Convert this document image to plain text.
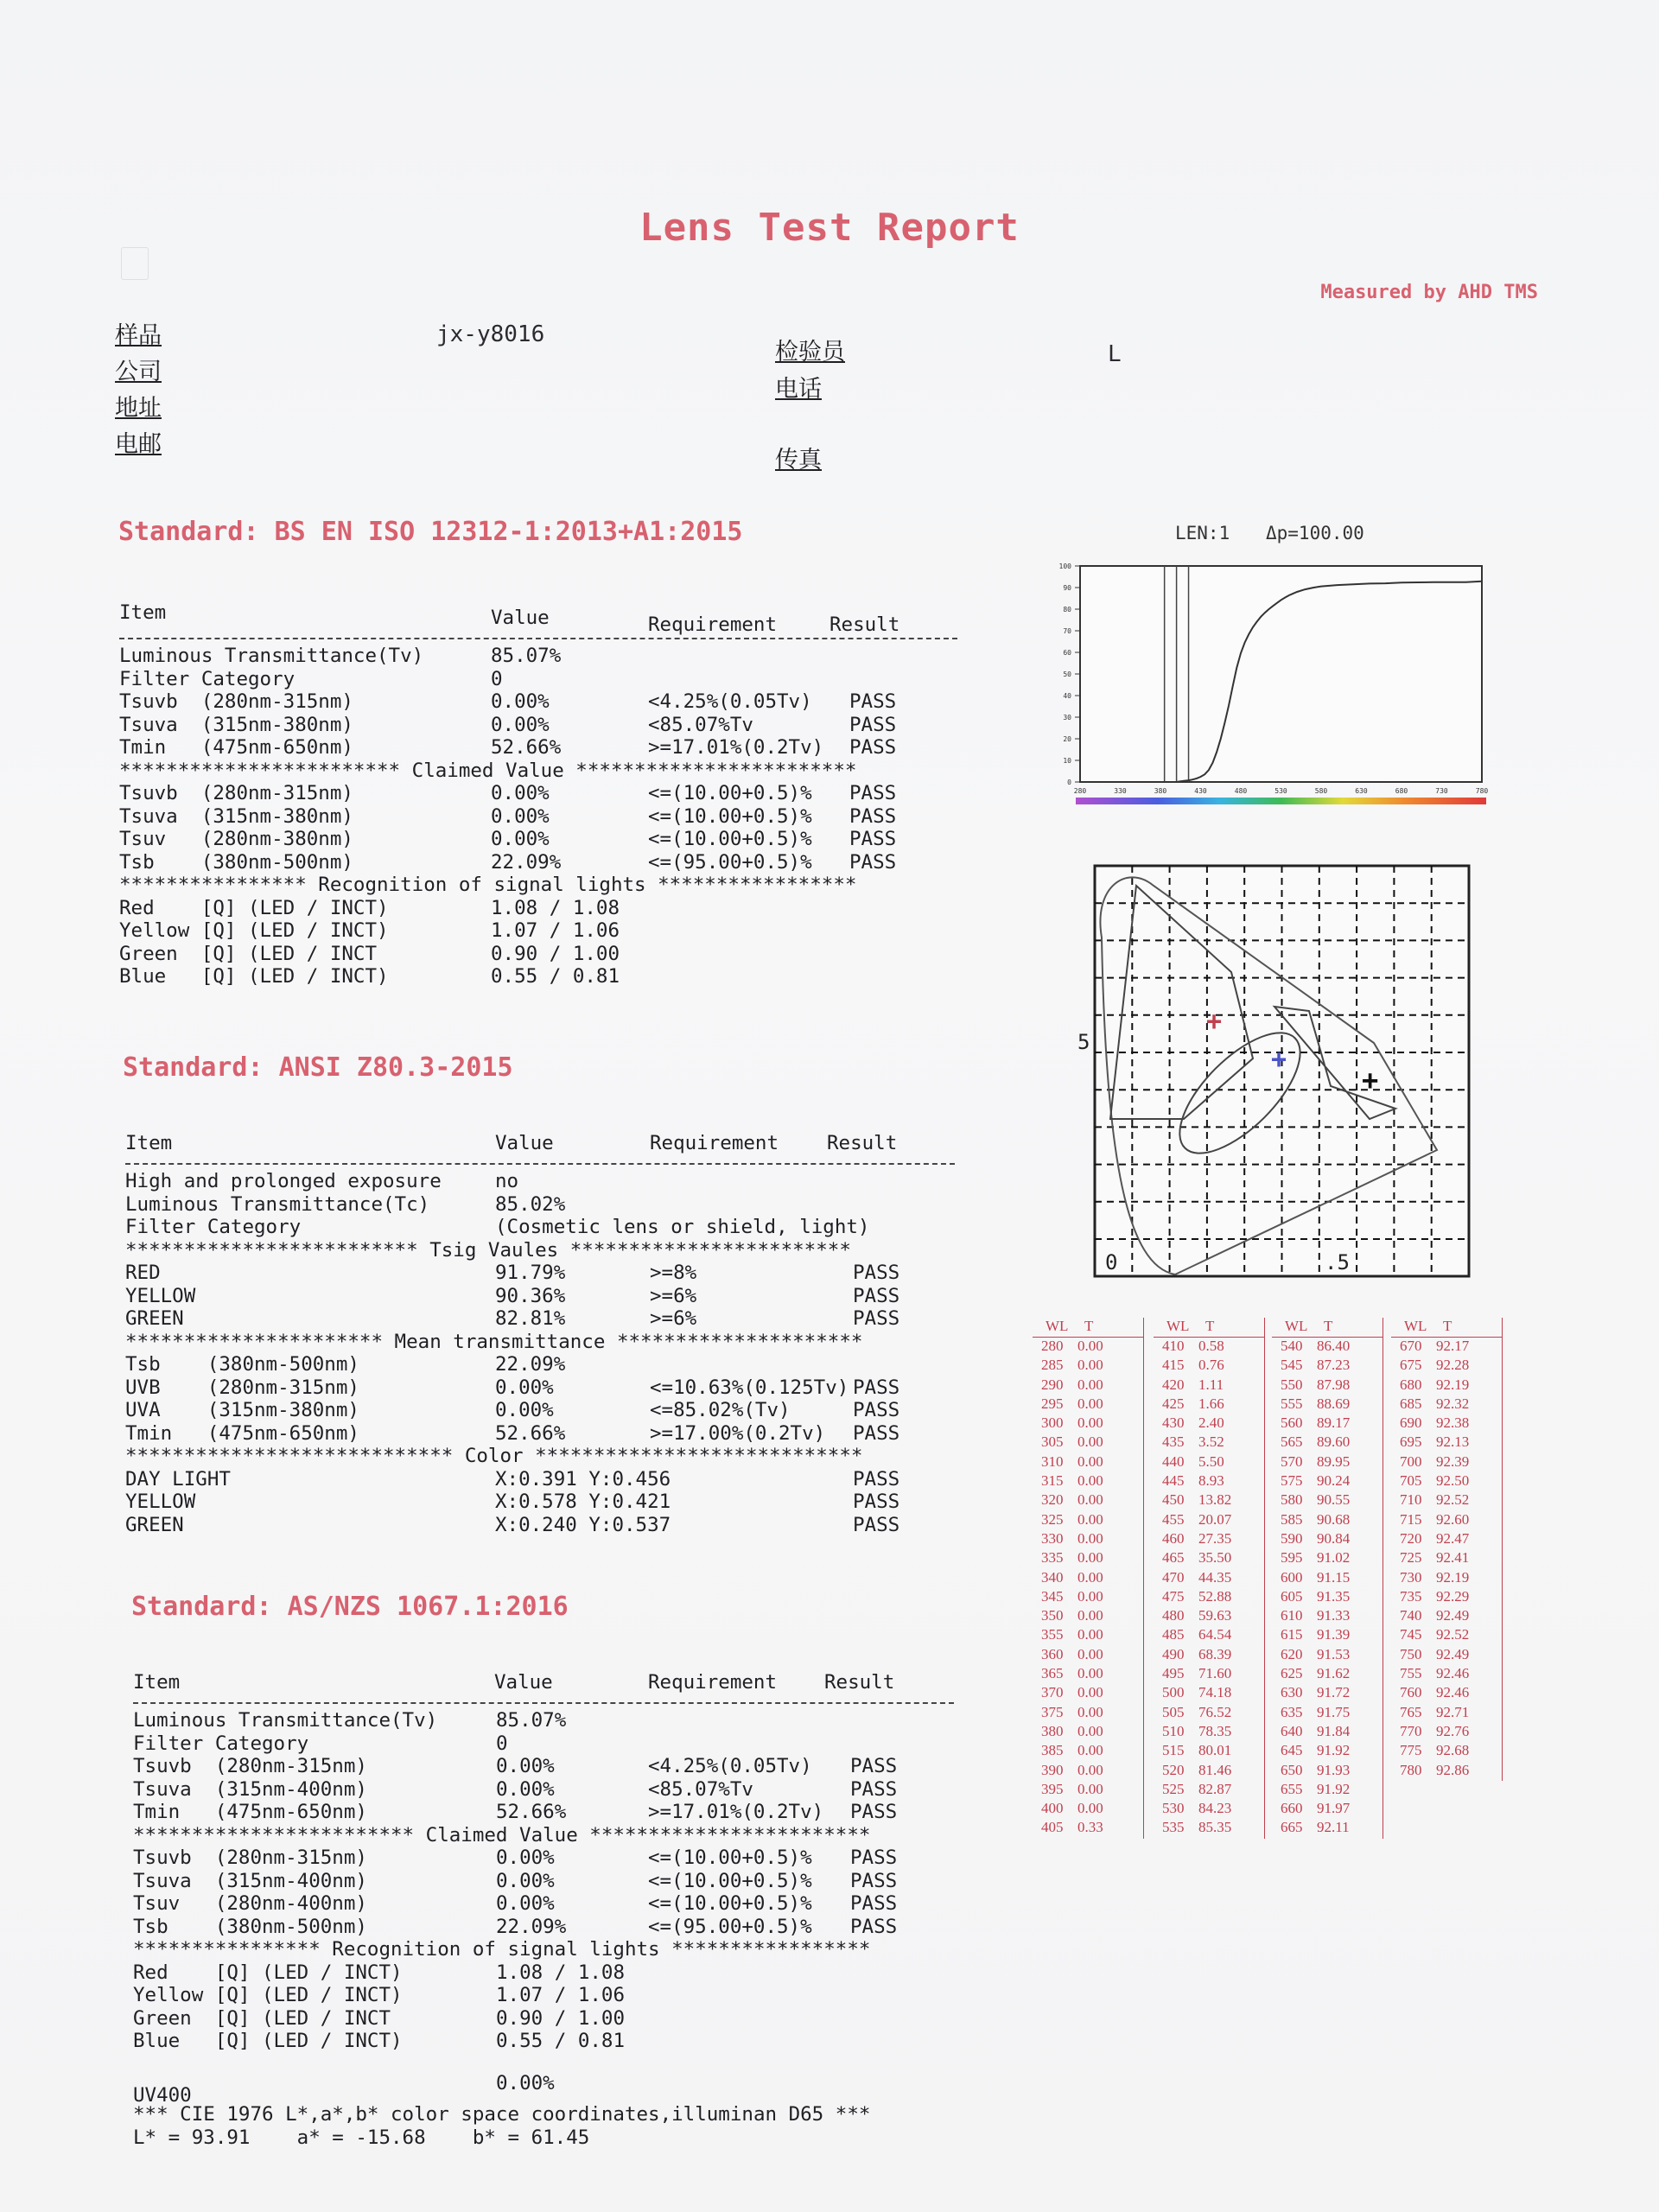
Lens Test Report
Measured by AHD TMS
样品	jx-y8016
公司
地址
电邮
检验员	L
电话
传真
Standard: BS EN ISO 12312-1:2013+A1:2015
Item	Value	Requirement	Result
Luminous Transmittance(Tv)	85.07%
Filter Category	0
Tsuvb  (280nm-315nm)	0.00%	<4.25%(0.05Tv) PASS
Tsuva  (315nm-380nm)	0.00%	<85.07%Tv	PASS
Tmin   (475nm-650nm)	52.66%	>=17.01%(0.2Tv) PASS
************************ Claimed Value ************************
Tsuvb  (280nm-315nm)	0.00%	<=(10.00+0.5)% PASS
Tsuva  (315nm-380nm)	0.00%	<=(10.00+0.5)% PASS
Tsuv   (280nm-380nm)	0.00%	<=(10.00+0.5)% PASS
Tsb    (380nm-500nm)	22.09%	<=(95.00+0.5)% PASS
**************** Recognition of signal lights *****************
Red    [Q] (LED / INCT)	1.08 / 1.08
Yellow [Q] (LED / INCT)	1.07 / 1.06
Green  [Q] (LED / INCT	0.90 / 1.00
Blue   [Q] (LED / INCT)	0.55 / 0.81
Standard: ANSI Z80.3-2015
Item	Value	Requirement Result
High and prolonged exposure	no
Luminous Transmittance(Tc)	85.02%
Filter Category	(Cosmetic lens or shield, light)
************************* Tsig Vaules ************************
RED	91.79%	>=8%	PASS
YELLOW	90.36%	>=6%	PASS
GREEN	82.81%	>=6%	PASS
********************** Mean transmittance *********************
Tsb    (380nm-500nm)	22.09%
UVB    (280nm-315nm)	0.00%	<=10.63%(0.125Tv) PASS
UVA    (315nm-380nm)	0.00%	<=85.02%(Tv)	PASS
Tmin   (475nm-650nm)	52.66%	>=17.00%(0.2Tv) PASS
**************************** Color ****************************
DAY LIGHT	X:0.391 Y:0.456	PASS
YELLOW	X:0.578 Y:0.421	PASS
GREEN	X:0.240 Y:0.537	PASS
Standard: AS/NZS 1067.1:2016
Item	Value	Requirement Result
Luminous Transmittance(Tv)	85.07%
Filter Category	0
Tsuvb  (280nm-315nm)	0.00%	<4.25%(0.05Tv) PASS
Tsuva  (315nm-400nm)	0.00%	<85.07%Tv	PASS
Tmin   (475nm-650nm)	52.66%	>=17.01%(0.2Tv) PASS
************************ Claimed Value ************************
Tsuvb  (280nm-315nm)	0.00%	<=(10.00+0.5)% PASS
Tsuva  (315nm-400nm)	0.00%	<=(10.00+0.5)% PASS
Tsuv   (280nm-400nm)	0.00%	<=(10.00+0.5)% PASS
Tsb    (380nm-500nm)	22.09%	<=(95.00+0.5)% PASS
**************** Recognition of signal lights *****************
Red    [Q] (LED / INCT)	1.08 / 1.08
Yellow [Q] (LED / INCT)	1.07 / 1.06
Green  [Q] (LED / INCT	0.90 / 1.00
Blue   [Q] (LED / INCT)	0.55 / 0.81

UV400

0.00%

*** CIE 1976 L*,a*,b* color space coordinates,illuminan D65 ***
L* = 93.91    a* = -15.68    b* = 61.45
LEN:1 Δp=100.00
0
10
20
30
40
50
60
70
80
90
100
280	330	380	430	480	530	580	630	680	730	780
+
+
+
5
0	.5
WL T
280 0.00
285 0.00
290 0.00
295 0.00
300 0.00
305 0.00
310 0.00
315 0.00
320 0.00
325 0.00
330 0.00
335 0.00
340 0.00
345 0.00
350 0.00
355 0.00
360 0.00
365 0.00
370 0.00
375 0.00
380 0.00
385 0.00
390 0.00
395 0.00
400 0.00
405 0.33
WL T
410 0.58
415 0.76
420 1.11
425 1.66
430 2.40
435 3.52
440 5.50
445 8.93
450 13.82
455 20.07
460 27.35
465 35.50
470 44.35
475 52.88
480 59.63
485 64.54
490 68.39
495 71.60
500 74.18
505 76.52
510 78.35
515 80.01
520 81.46
525 82.87
530 84.23
535 85.35
WL T
540 86.40
545 87.23
550 87.98
555 88.69
560 89.17
565 89.60
570 89.95
575 90.24
580 90.55
585 90.68
590 90.84
595 91.02
600 91.15
605 91.35
610 91.33
615 91.39
620 91.53
625 91.62
630 91.72
635 91.75
640 91.84
645 91.92
650 91.93
655 91.92
660 91.97
665 92.11
WL T
670 92.17
675 92.28
680 92.19
685 92.32
690 92.38
695 92.13
700 92.39
705 92.50
710 92.52
715 92.60
720 92.47
725 92.41
730 92.19
735 92.29
740 92.49
745 92.52
750 92.49
755 92.46
760 92.46
765 92.71
770 92.76
775 92.68
780 92.86
